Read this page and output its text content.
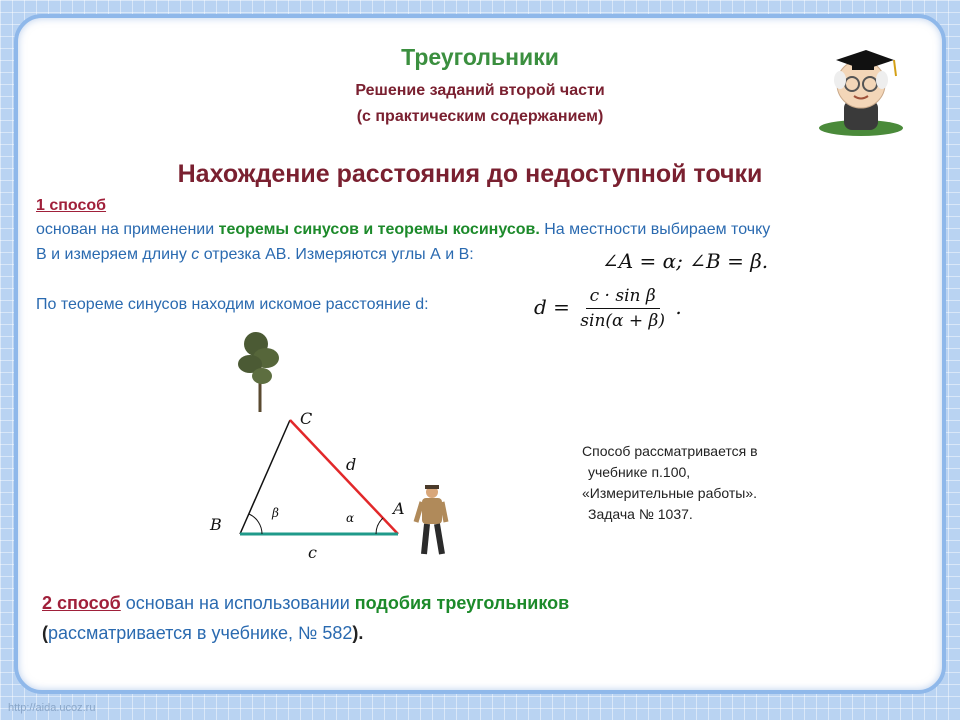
Треугольники

Решение заданий второй части

(с практическим содержанием)

Нахождение расстояния до недоступной точки

1 способ

основан на применении теоремы синусов и теоремы косинусов. На местности выбираем точку

В и измеряем длину с отрезка АВ. Измеряются углы А и В:

По теореме синусов находим искомое расстояние d:

∠A = α; ∠B = β.

$d = \frac{\text{c · sin β}}{\sin(\alpha + \beta)}$ .
C
B
A
d
c
β	α
Способ рассматривается в
учебнике п.100,
«Измерительные работы».
Задача № 1037.
2 способ основан на использовании подобия треугольников
(рассматривается в учебнике, № 582).

http://aida.ucoz.ru
